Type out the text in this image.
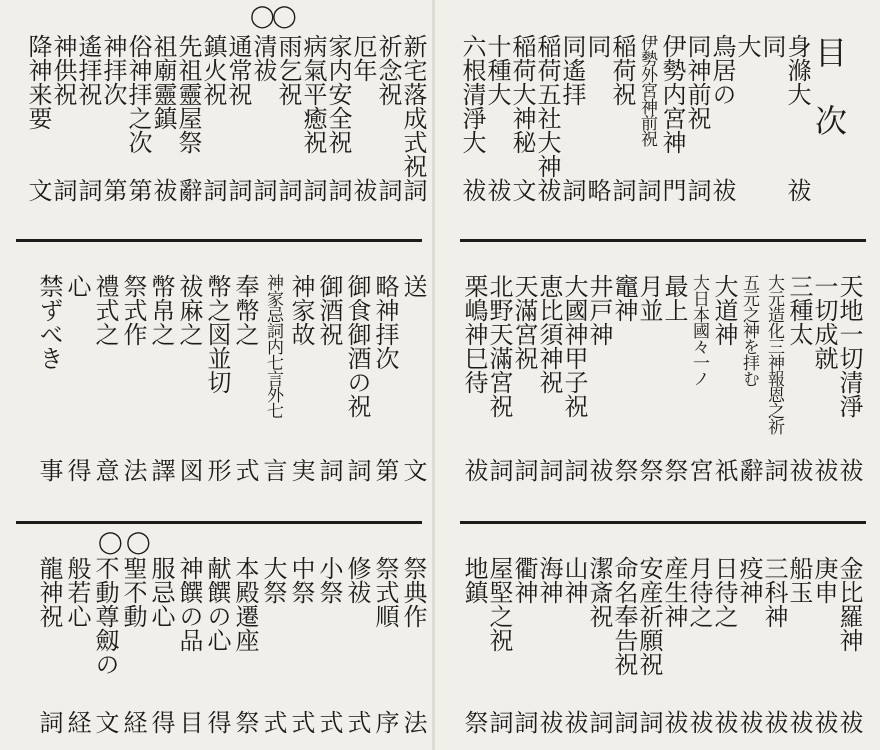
目次
身滌大
祓
同
大
鳥居の
祓
同神前祝
詞
伊勢内宮神
門
伊勢外宮神前祝
詞
稲荷祝
詞
同
略
同遙拝
詞
稲荷五社大神
祓
稲荷大神秘
文
十種大
祓
六根清淨大
祓
新宅落成式祝
詞
祈念祝
詞
厄年
祓
家内安全祝
詞
病氣平癒祝
詞
雨乞祝
詞
清祓
詞
通常祝
詞
鎮火祝
詞
先祖靈屋祭
辭
祖廟靈鎮
祓
俗神拝之次
第
神拝次
第
遙拝祝
詞
神供祝
詞
降神来要
文
天地一切清淨
祓
一切成就
祓
三種太
祓
大元造化三神報恩之祈
詞
五元之神を拝む
辭
大道神
祇
大日本國々一ノ
宮
最上
祭
月並
祭
竈神
祭
井戸神
祓
大國神甲子祝
詞
恵比須神祝
詞
天滿宮祝
詞
北野天滿宮祝
詞
栗嶋神巳待
祓
送
文
略神拝次
第
御食御酒の祝
詞
御酒祝
詞
神家故
実
神家忌詞内七言外七
言
奉幣之
式
幣之図並切
形
祓麻之
図
幣帛之
譯
祭式作
法
禮式之
意
心
得
禁ずべき
事
金比羅神
祓
庚申
祓
船玉
祓
三科神
祓
疫神
祓
日待之
祓
月待之
祓
産生神
祓
安産祈願祝
詞
命名奉告祝
詞
潔斎祝
詞
山神
祓
海神
祓
衢神
詞
屋堅之祝
詞
地鎮
祭
祭典作
法
祭式順
序
修祓
式
小祭
式
中祭
式
大祭
式
本殿遷座
祭
献饌の心
得
神饌の品
目
服忌心
得
聖不動
経
不動尊劔の
文
般若心
経
龍神祝
詞
◯
◯
◯ ◯
